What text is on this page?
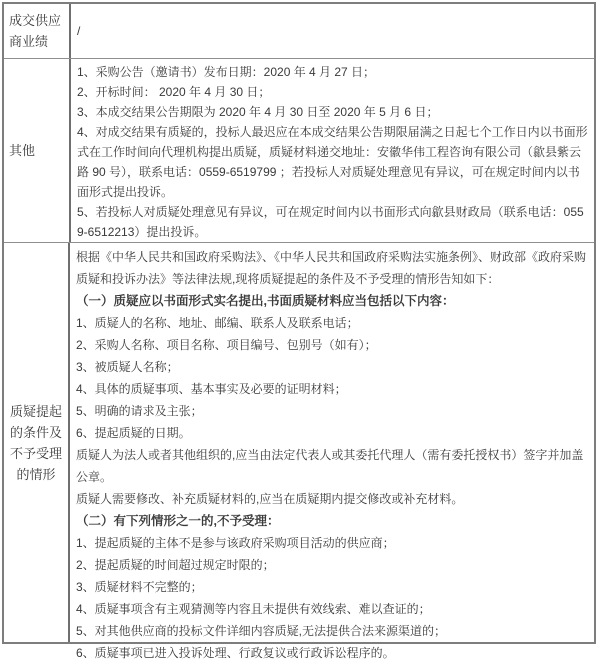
成交供应商业绩

/

其他

1、采购公告（邀请书）发布日期：2020 年 4 月 27 日；

2、开标时间： 2020 年 4 月 30 日；

3、本成交结果公告期限为 2020 年 4 月 30 日至 2020 年 5 月 6 日；

4、对成交结果有质疑的，投标人最迟应在本成交结果公告期限届满之日起七个工作日内以书面形式在工作时间向代理机构提出质疑，质疑材料递交地址：安徽华伟工程咨询有限公司（歙县紫云路 90 号），联系电话：0559-6519799 ；若投标人对质疑处理意见有异议，可在规定时间内以书面形式提出投诉。

5、若投标人对质疑处理意见有异议，可在规定时间内以书面形式向歙县财政局（联系电话：0559-6512213）提出投诉。

质疑提起的条件及不予受理的情形

根据《中华人民共和国政府采购法》、《中华人民共和国政府采购法实施条例》、财政部《政府采购质疑和投诉办法》等法律法规,现将质疑提起的条件及不予受理的情形告知如下：

（一）质疑应以书面形式实名提出,书面质疑材料应当包括以下内容：

1、质疑人的名称、地址、邮编、联系人及联系电话；

2、采购人名称、项目名称、项目编号、包别号（如有）；

3、被质疑人名称；

4、具体的质疑事项、基本事实及必要的证明材料；

5、明确的请求及主张；

6、提起质疑的日期。

质疑人为法人或者其他组织的,应当由法定代表人或其委托代理人（需有委托授权书）签字并加盖公章。

质疑人需要修改、补充质疑材料的,应当在质疑期内提交修改或补充材料。

（二）有下列情形之一的,不予受理：

1、提起质疑的主体不是参与该政府采购项目活动的供应商；

2、提起质疑的时间超过规定时限的；

3、质疑材料不完整的；

4、质疑事项含有主观猜测等内容且未提供有效线索、难以查证的；

5、对其他供应商的投标文件详细内容质疑,无法提供合法来源渠道的；

6、质疑事项已进入投诉处理、行政复议或行政诉讼程序的。
